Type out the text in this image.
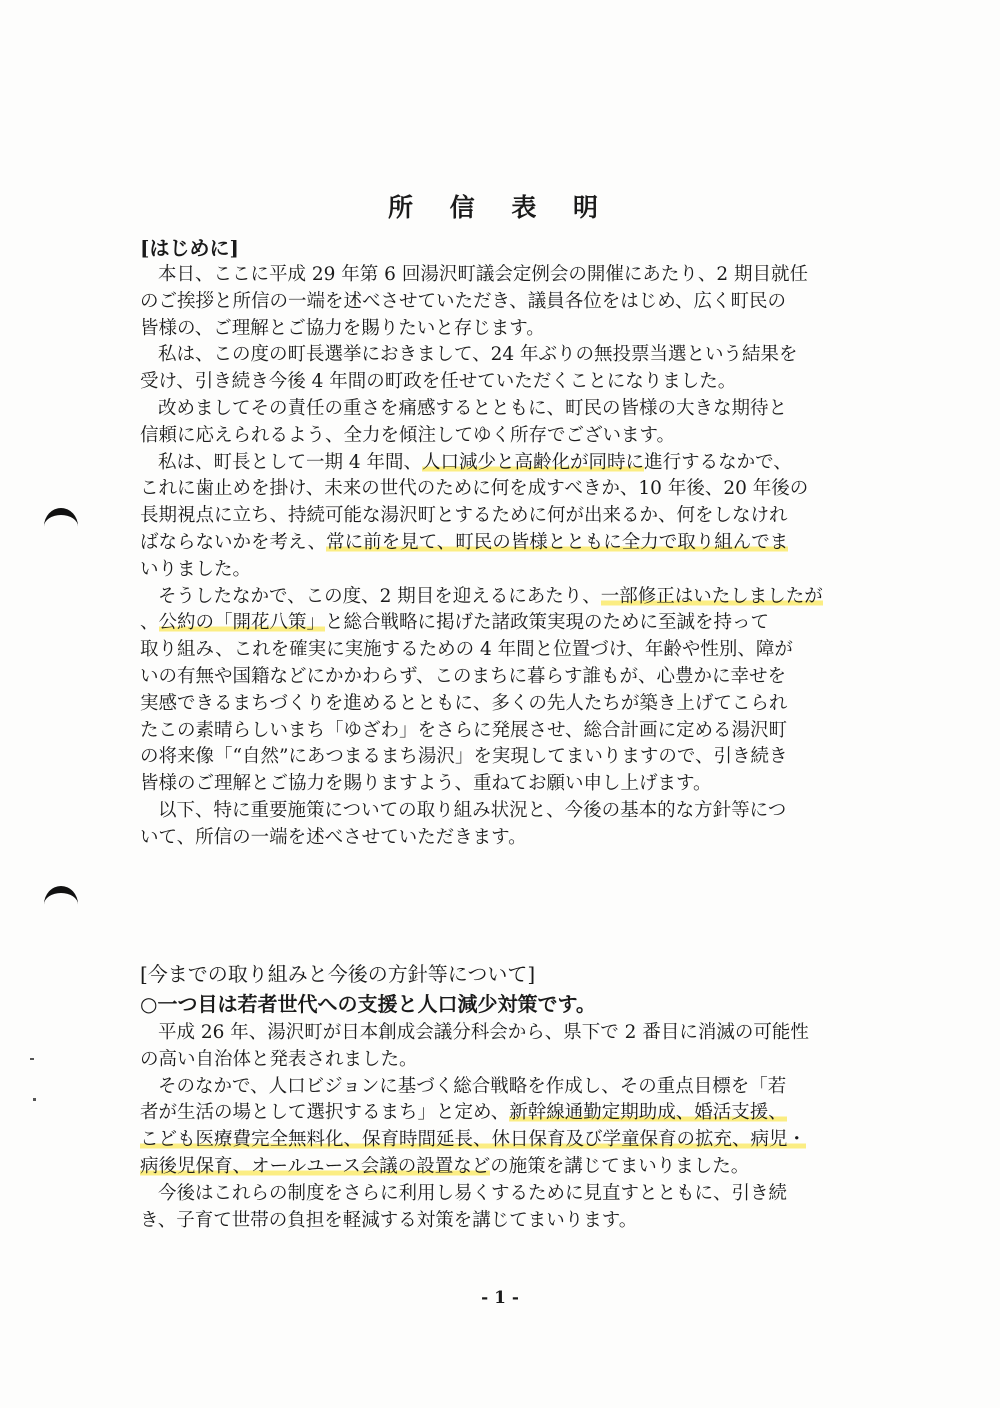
所 信 表 明
[はじめに]
本日、ここに平成 29 年第 6 回湯沢町議会定例会の開催にあたり、2 期目就任
のご挨拶と所信の一端を述べさせていただき、議員各位をはじめ、広く町民の
皆様の、ご理解とご協力を賜りたいと存じます。
私は、この度の町長選挙におきまして、24 年ぶりの無投票当選という結果を
受け、引き続き今後 4 年間の町政を任せていただくことになりました。
改めましてその責任の重さを痛感するとともに、町民の皆様の大きな期待と
信頼に応えられるよう、全力を傾注してゆく所存でございます。
私は、町長として一期 4 年間、人口減少と高齢化が同時に進行するなかで、
これに歯止めを掛け、未来の世代のために何を成すべきか、10 年後、20 年後の
長期視点に立ち、持続可能な湯沢町とするために何が出来るか、何をしなけれ
ばならないかを考え、常に前を見て、町民の皆様とともに全力で取り組んでま
いりました。
そうしたなかで、この度、2 期目を迎えるにあたり、一部修正はいたしましたが
、公約の「開花八策」と総合戦略に掲げた諸政策実現のために至誠を持って
取り組み、これを確実に実施するための 4 年間と位置づけ、年齢や性別、障が
いの有無や国籍などにかかわらず、このまちに暮らす誰もが、心豊かに幸せを
実感できるまちづくりを進めるとともに、多くの先人たちが築き上げてこられ
たこの素晴らしいまち「ゆざわ」をさらに発展させ、総合計画に定める湯沢町
の将来像「“自然”にあつまるまち湯沢」を実現してまいりますので、引き続き
皆様のご理解とご協力を賜りますよう、重ねてお願い申し上げます。
以下、特に重要施策についての取り組み状況と、今後の基本的な方針等につ
いて、所信の一端を述べさせていただきます。
[今までの取り組みと今後の方針等について]
○一つ目は若者世代への支援と人口減少対策です。
平成 26 年、湯沢町が日本創成会議分科会から、県下で 2 番目に消滅の可能性
の高い自治体と発表されました。
そのなかで、人口ビジョンに基づく総合戦略を作成し、その重点目標を「若
者が生活の場として選択するまち」と定め、新幹線通勤定期助成、婚活支援、
こども医療費完全無料化、保育時間延長、休日保育及び学童保育の拡充、病児・
病後児保育、オールユース会議の設置などの施策を講じてまいりました。
今後はこれらの制度をさらに利用し易くするために見直すとともに、引き続
き、子育て世帯の負担を軽減する対策を講じてまいります。
- 1 -
